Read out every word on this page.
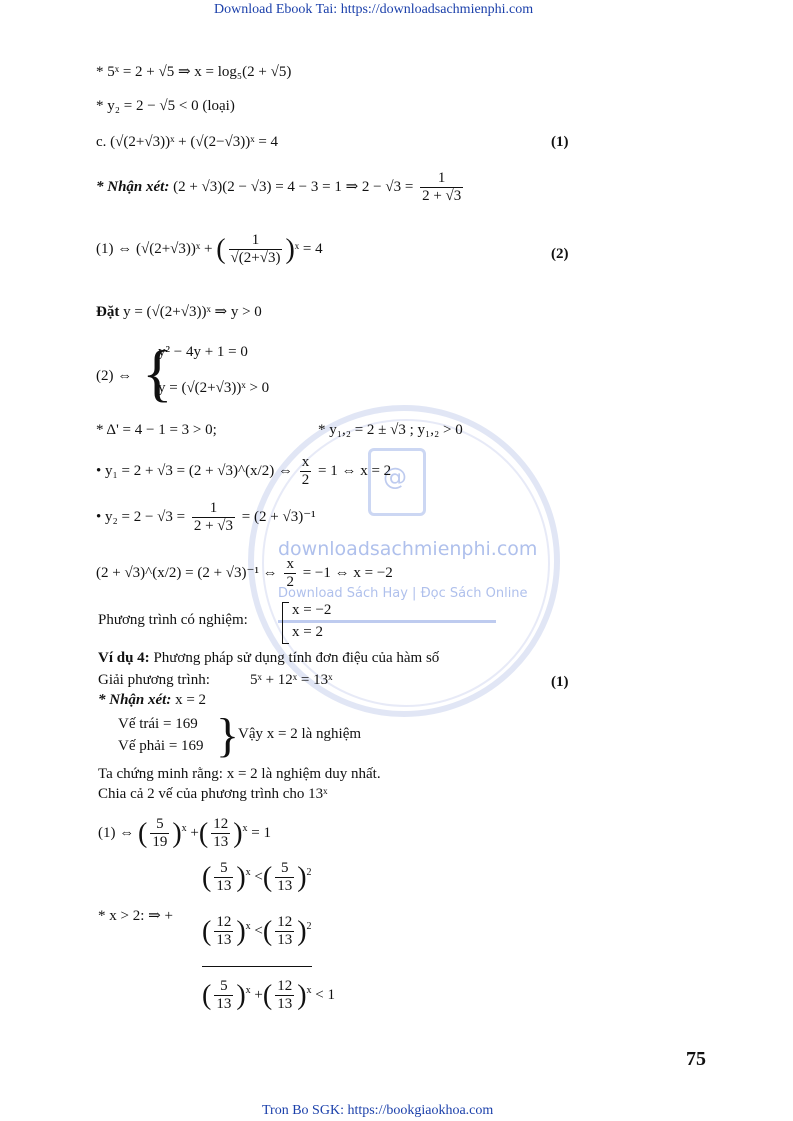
Download Ebook Tai: https://downloadsachmienphi.com
Tron Bo SGK: https://bookgiaokhoa.com
@
downloadsachmienphi.com
Download Sách Hay | Đọc Sách Online
* 5ˣ = 2 + √5 ⇒ x = log₅(2 + √5)
* y₂ = 2 − √5 < 0 (loại)
c. (√(2+√3))ˣ + (√(2−√3))ˣ = 4	(1)
* Nhận xét: (2 + √3)(2 − √3) = 4 − 3 = 1 ⇒ $2 - √3 = \frac{1}{2 + √3}$
(1) ⇔ (√(2+√3))ˣ + ( $\frac{1}{√(2+√3)}$ )ˣ = 4	(2)
Đặt y = (√(2+√3))ˣ ⇒ y > 0
(2) ⇔ {
y² − 4y + 1 = 0
y = (√(2+√3))ˣ > 0
* Δ' = 4 − 1 = 3 > 0;	* y₁,₂ = 2 ± √3 ; y₁,₂ > 0
• y₁ = 2 + √3 = (2 + √3)^(x/2) ⇔ $\frac{x}{2} = 1$ ⇔ x = 2
• $y_2 = 2 - √3 = \frac{1}{2 + √3} = (2 + √3)^{-1}$
(2 + √3)^(x/2) = (2 + √3)⁻¹ ⇔ $\frac{x}{2} = -1$ ⇔ x = −2
Phương trình có nghiệm:
x = −2
x = 2
Ví dụ 4: Phương pháp sử dụng tính đơn điệu của hàm số
Giải phương trình:	5ˣ + 12ˣ = 13ˣ	(1)
* Nhận xét: x = 2
Vế trái = 169
Vế phải = 169 }
Vậy x = 2 là nghiệm
Ta chứng minh rằng: x = 2 là nghiệm duy nhất.
Chia cả 2 vế của phương trình cho 13ˣ
(1) ⇔ ( $\frac{5}{19} )^x$ +( $\frac{12}{13} )^x = 1$
* x > 2: ⇒ +
( $\frac{5}{13} )^x$ <( $\frac{5}{13} )^2$
( $\frac{12}{13} )^x$ <( $\frac{12}{13} )^2$
( $\frac{5}{13} )^x$ +( $\frac{12}{13} )^x < 1$
75
